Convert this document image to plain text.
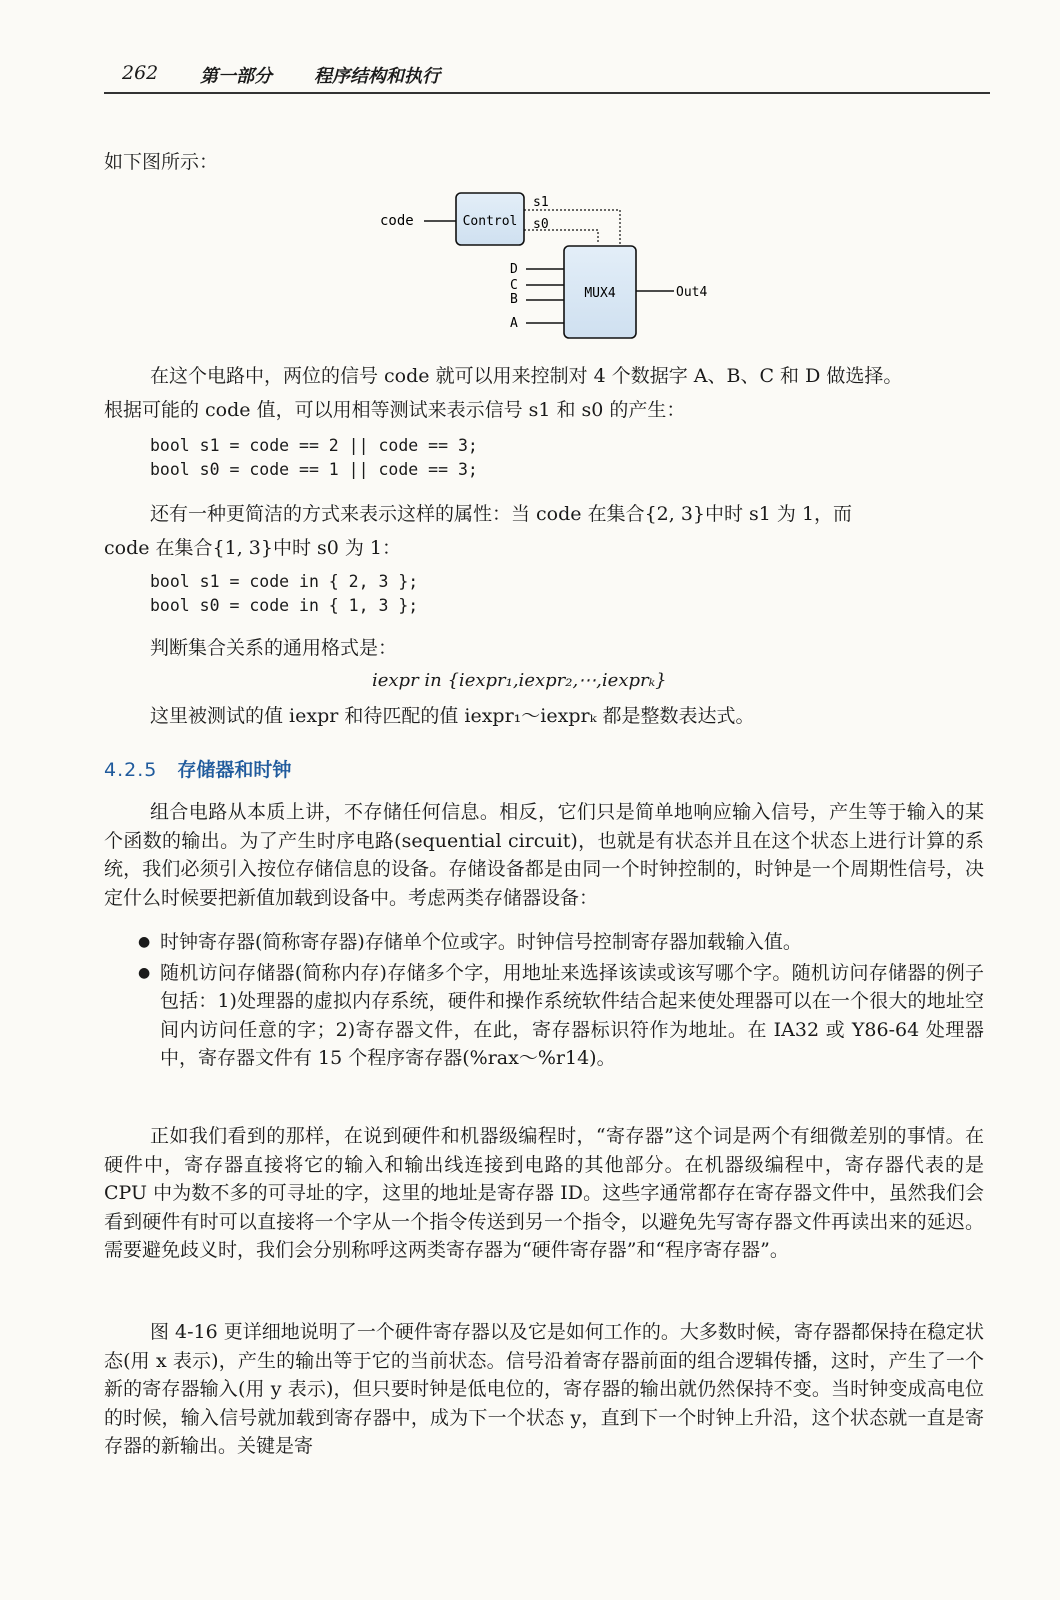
262 第一部分 程序结构和执行
如下图所示：
code	Control
s1
s0
MUX4
D
C
B
A
Out4
在这个电路中，两位的信号 code 就可以用来控制对 4 个数据字 A、B、C 和 D 做选择。
根据可能的 code 值，可以用相等测试来表示信号 s1 和 s0 的产生：
bool s1 = code == 2 || code == 3;
bool s0 = code == 1 || code == 3;
还有一种更简洁的方式来表示这样的属性：当 code 在集合{2, 3}中时 s1 为 1，而
code 在集合{1, 3}中时 s0 为 1：
bool s1 = code in { 2, 3 };
bool s0 = code in { 1, 3 };
判断集合关系的通用格式是：
iexpr in {iexpr₁,iexpr₂,⋯,iexprₖ}
这里被测试的值 iexpr 和待匹配的值 iexpr₁～iexprₖ 都是整数表达式。
4.2.5 存储器和时钟
组合电路从本质上讲，不存储任何信息。相反，它们只是简单地响应输入信号，产生等于输入的某个函数的输出。为了产生时序电路(sequential circuit)，也就是有状态并且在这个状态上进行计算的系统，我们必须引入按位存储信息的设备。存储设备都是由同一个时钟控制的，时钟是一个周期性信号，决定什么时候要把新值加载到设备中。考虑两类存储器设备：
● 时钟寄存器(简称寄存器)存储单个位或字。时钟信号控制寄存器加载输入值。
● 随机访问存储器(简称内存)存储多个字，用地址来选择该读或该写哪个字。随机访问存储器的例子包括：1)处理器的虚拟内存系统，硬件和操作系统软件结合起来使处理器可以在一个很大的地址空间内访问任意的字；2)寄存器文件，在此，寄存器标识符作为地址。在 IA32 或 Y86-64 处理器中，寄存器文件有 15 个程序寄存器(%rax～%r14)。
正如我们看到的那样，在说到硬件和机器级编程时，“寄存器”这个词是两个有细微差别的事情。在硬件中，寄存器直接将它的输入和输出线连接到电路的其他部分。在机器级编程中，寄存器代表的是 CPU 中为数不多的可寻址的字，这里的地址是寄存器 ID。这些字通常都存在寄存器文件中，虽然我们会看到硬件有时可以直接将一个字从一个指令传送到另一个指令，以避免先写寄存器文件再读出来的延迟。需要避免歧义时，我们会分别称呼这两类寄存器为“硬件寄存器”和“程序寄存器”。
图 4-16 更详细地说明了一个硬件寄存器以及它是如何工作的。大多数时候，寄存器都保持在稳定状态(用 x 表示)，产生的输出等于它的当前状态。信号沿着寄存器前面的组合逻辑传播，这时，产生了一个新的寄存器输入(用 y 表示)，但只要时钟是低电位的，寄存器的输出就仍然保持不变。当时钟变成高电位的时候，输入信号就加载到寄存器中，成为下一个状态 y，直到下一个时钟上升沿，这个状态就一直是寄存器的新输出。关键是寄
